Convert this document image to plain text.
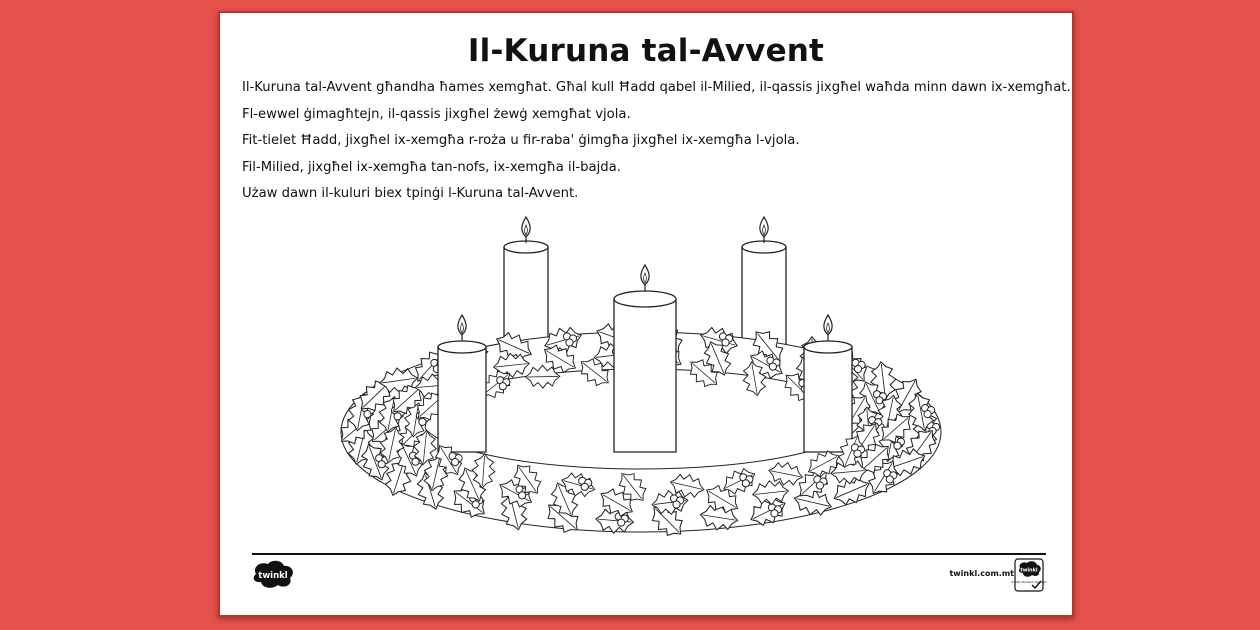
Il-Kuruna tal-Avvent

Il-Kuruna tal-Avvent għandha ħames xemgħat. Għal kull Ħadd qabel il-Milied, il-qassis jixgħel waħda minn dawn ix-xemgħat.

Fl-ewwel ġimagħtejn, il-qassis jixgħel żewġ xemgħat vjola.

Fit-tielet Ħadd, jixgħel ix-xemgħa r-roża u fir-raba' ġimgħa jixgħel ix-xemgħa l-vjola.

Fil-Milied, jixgħel ix-xemgħa tan-nofs, ix-xemgħa il-bajda.

Użaw dawn il-kuluri biex tpinġi l-Kuruna tal-Avvent.

twinkl	twinkl.com.mt twinkl
Quality Standard Approved
